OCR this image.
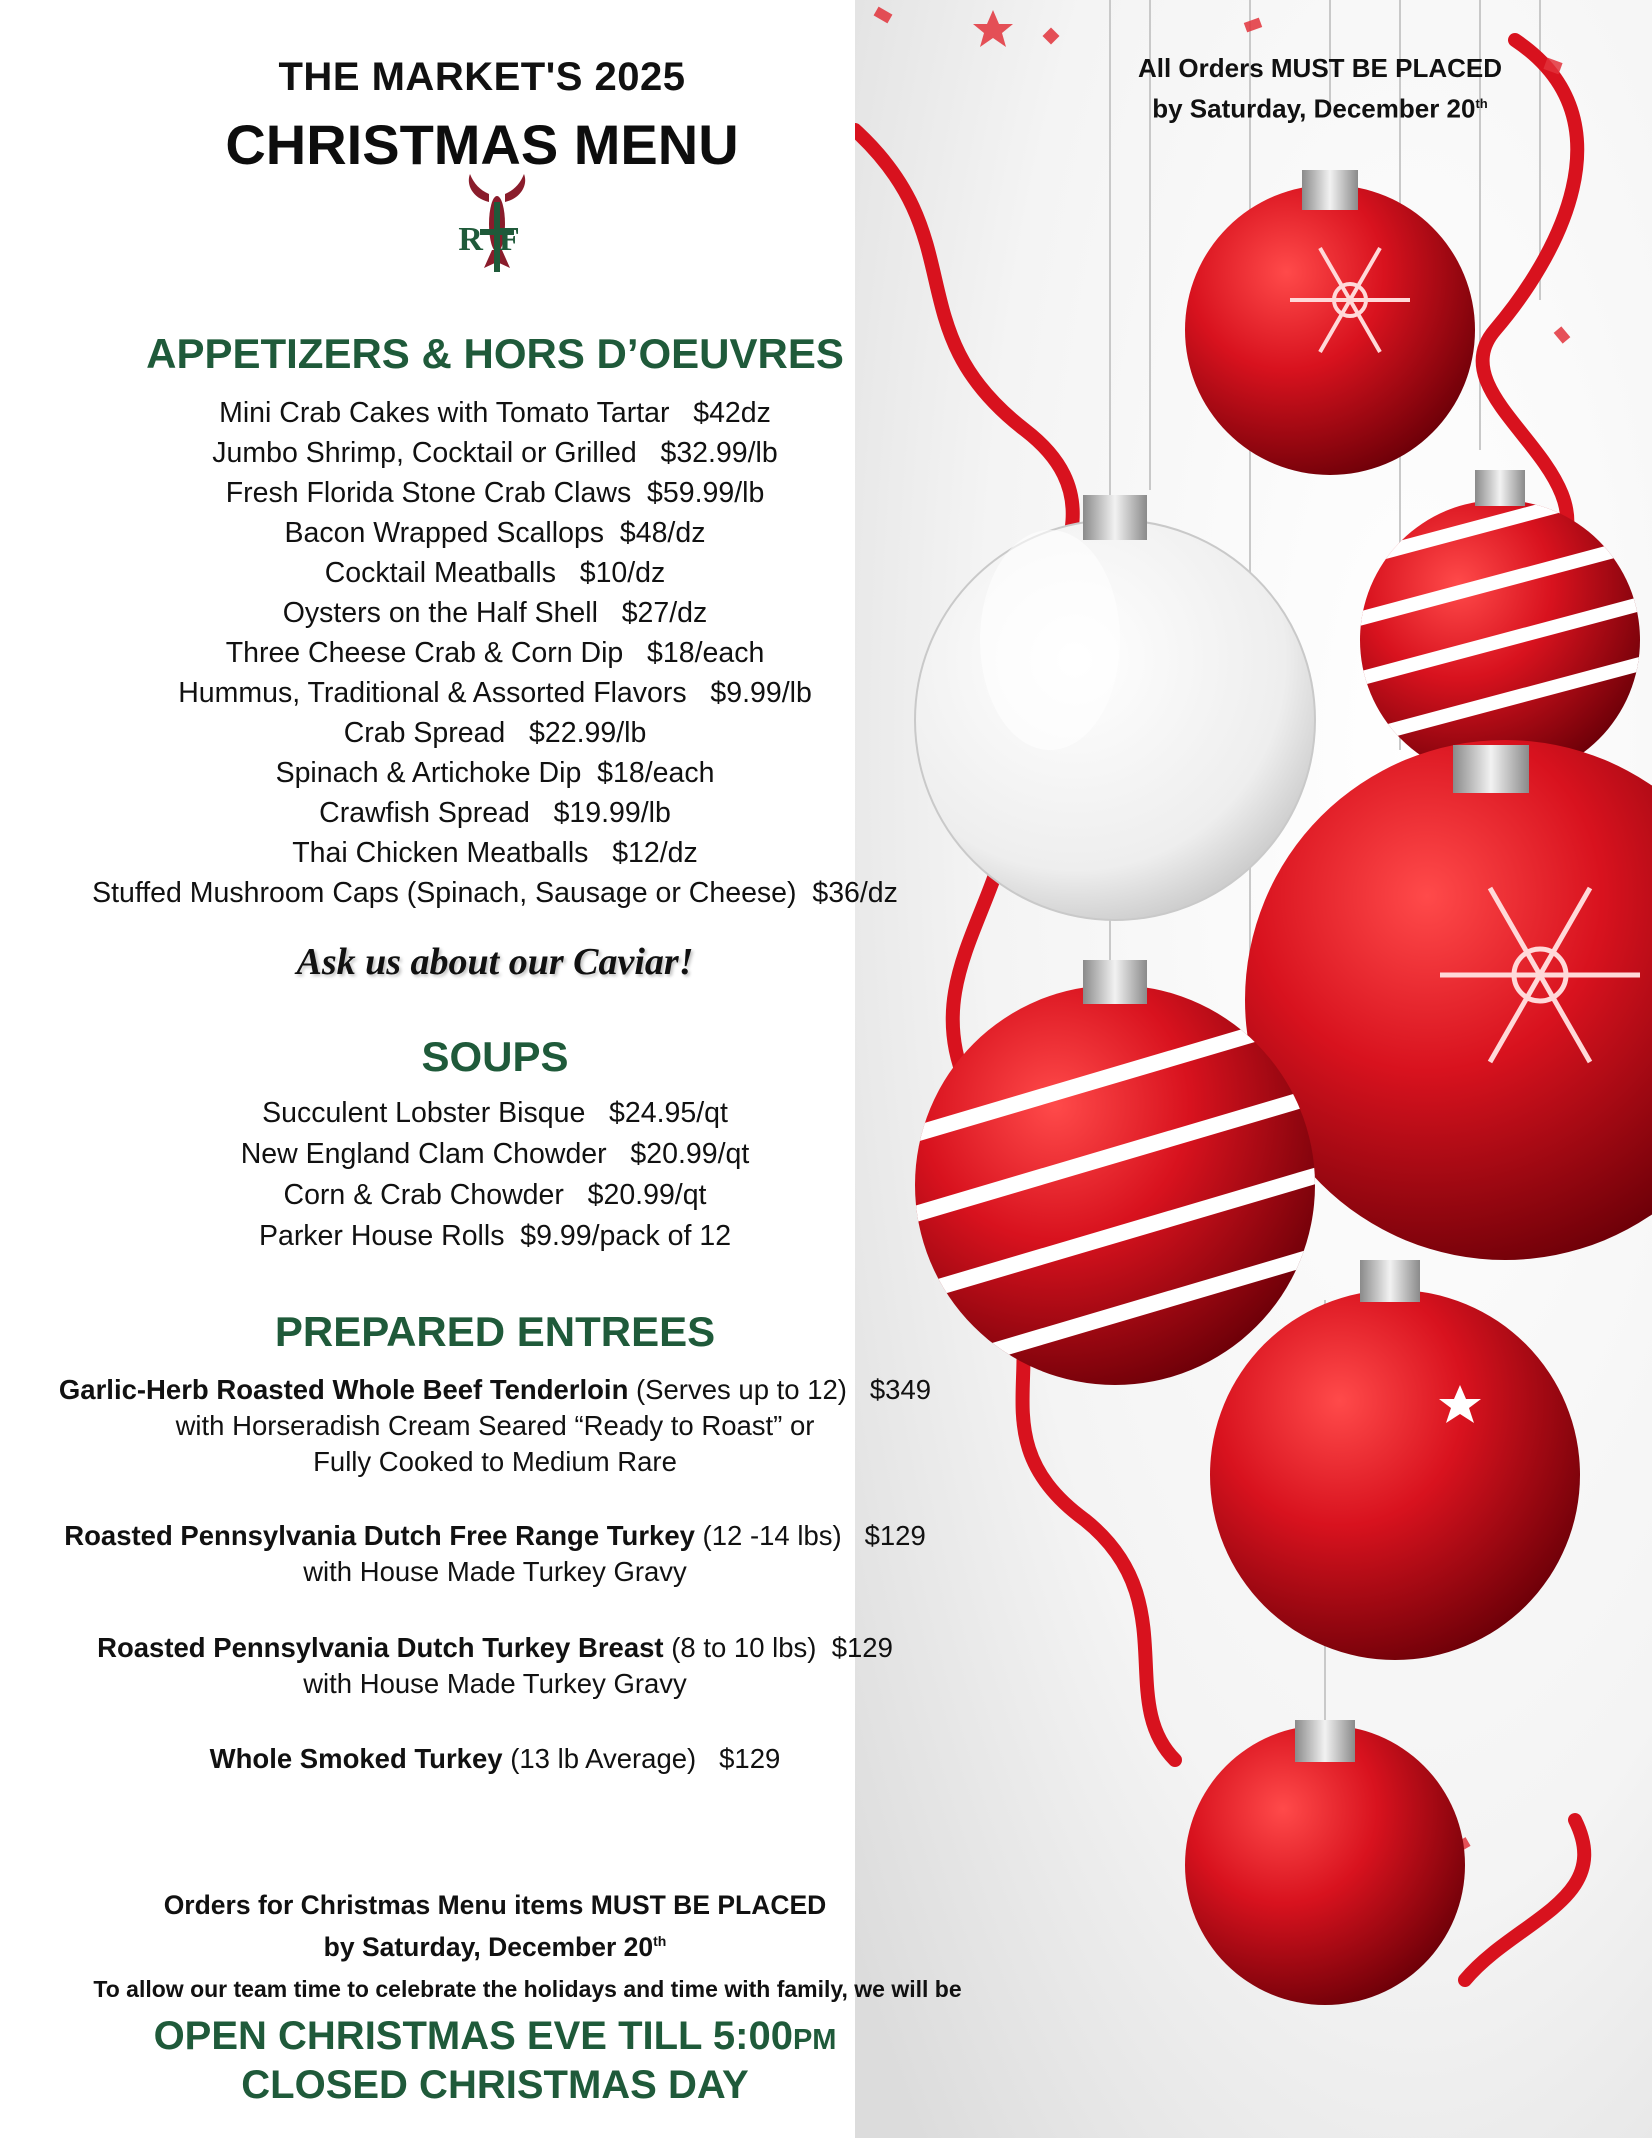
All Orders MUST BE PLACED
by Saturday, December 20th
THE MARKET'S 2025
CHRISTMAS MENU
RF
APPETIZERS & HORS D’OEUVRES
Mini Crab Cakes with Tomato Tartar   $42dz
Jumbo Shrimp, Cocktail or Grilled   $32.99/lb
Fresh Florida Stone Crab Claws  $59.99/lb
Bacon Wrapped Scallops  $48/dz
Cocktail Meatballs   $10/dz
Oysters on the Half Shell   $27/dz
Three Cheese Crab & Corn Dip   $18/each
Hummus, Traditional & Assorted Flavors   $9.99/lb
Crab Spread   $22.99/lb
Spinach & Artichoke Dip  $18/each
Crawfish Spread   $19.99/lb
Thai Chicken Meatballs   $12/dz
Stuffed Mushroom Caps (Spinach, Sausage or Cheese)  $36/dz
Ask us about our Caviar!
SOUPS
Succulent Lobster Bisque   $24.95/qt
New England Clam Chowder   $20.99/qt
Corn & Crab Chowder   $20.99/qt
Parker House Rolls  $9.99/pack of 12
PREPARED ENTREES
Garlic-Herb Roasted Whole Beef Tenderloin (Serves up to 12)   $349
with Horseradish Cream Seared “Ready to Roast” or
Fully Cooked to Medium Rare
Roasted Pennsylvania Dutch Free Range Turkey (12 -14 lbs)   $129
with House Made Turkey Gravy
Roasted Pennsylvania Dutch Turkey Breast (8 to 10 lbs)  $129
with House Made Turkey Gravy
Whole Smoked Turkey (13 lb Average)   $129
Orders for Christmas Menu items MUST BE PLACED
by Saturday, December 20th
To allow our team time to celebrate the holidays and time with family, we will be
OPEN CHRISTMAS EVE TILL 5:00PM
CLOSED CHRISTMAS DAY
